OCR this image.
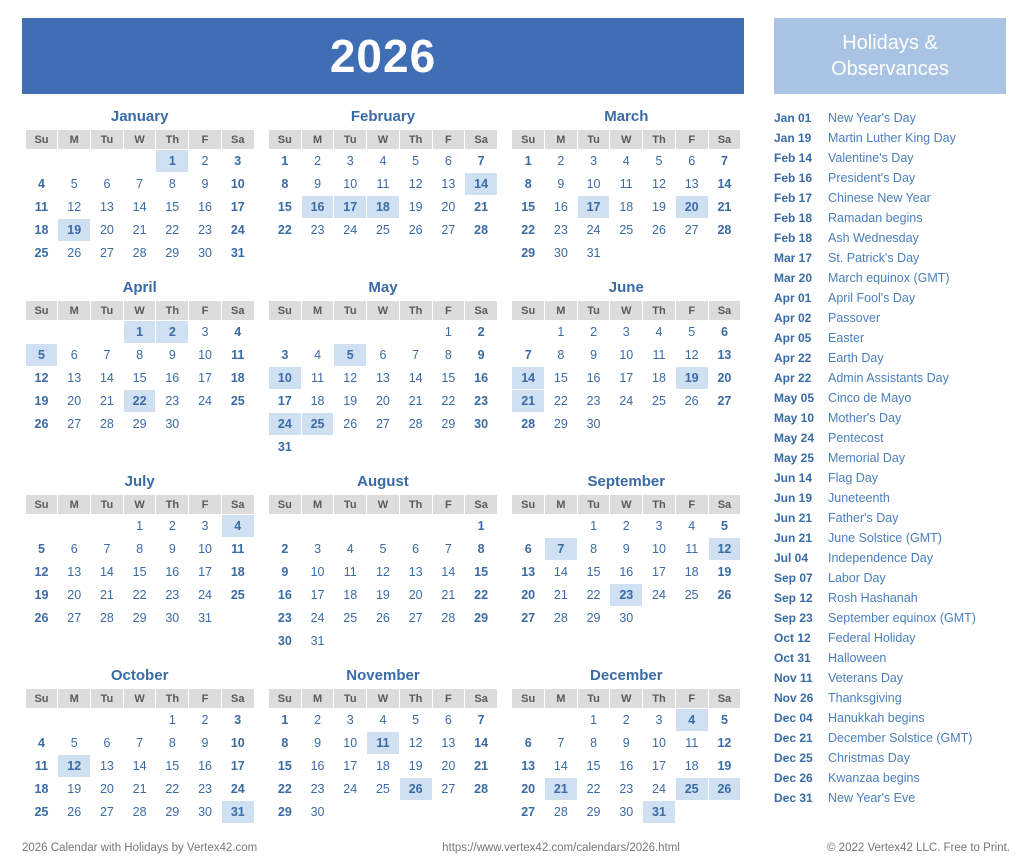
2026	Holidays &
Observances
January
Su	M	Tu	W	Th	F	Sa
				1	2	3
4	5	6	7	8	9	10
11	12	13	14	15	16	17
18	19	20	21	22	23	24
25	26	27	28	29	30	31
February
Su	M	Tu	W	Th	F	Sa
1	2	3	4	5	6	7
8	9	10	11	12	13	14
15	16	17	18	19	20	21
22	23	24	25	26	27	28
March
Su	M	Tu	W	Th	F	Sa
1	2	3	4	5	6	7
8	9	10	11	12	13	14
15	16	17	18	19	20	21
22	23	24	25	26	27	28
29	30	31				
April
Su	M	Tu	W	Th	F	Sa
			1	2	3	4
5	6	7	8	9	10	11
12	13	14	15	16	17	18
19	20	21	22	23	24	25
26	27	28	29	30		
May
Su	M	Tu	W	Th	F	Sa
					1	2
3	4	5	6	7	8	9
10	11	12	13	14	15	16
17	18	19	20	21	22	23
24	25	26	27	28	29	30
31						
June
Su	M	Tu	W	Th	F	Sa
	1	2	3	4	5	6
7	8	9	10	11	12	13
14	15	16	17	18	19	20
21	22	23	24	25	26	27
28	29	30				
July
Su	M	Tu	W	Th	F	Sa
			1	2	3	4
5	6	7	8	9	10	11
12	13	14	15	16	17	18
19	20	21	22	23	24	25
26	27	28	29	30	31	
August
Su	M	Tu	W	Th	F	Sa
						1
2	3	4	5	6	7	8
9	10	11	12	13	14	15
16	17	18	19	20	21	22
23	24	25	26	27	28	29
30	31					
September
Su	M	Tu	W	Th	F	Sa
		1	2	3	4	5
6	7	8	9	10	11	12
13	14	15	16	17	18	19
20	21	22	23	24	25	26
27	28	29	30			
October
Su	M	Tu	W	Th	F	Sa
				1	2	3
4	5	6	7	8	9	10
11	12	13	14	15	16	17
18	19	20	21	22	23	24
25	26	27	28	29	30	31
November
Su	M	Tu	W	Th	F	Sa
1	2	3	4	5	6	7
8	9	10	11	12	13	14
15	16	17	18	19	20	21
22	23	24	25	26	27	28
29	30					
December
Su	M	Tu	W	Th	F	Sa
		1	2	3	4	5
6	7	8	9	10	11	12
13	14	15	16	17	18	19
20	21	22	23	24	25	26
27	28	29	30	31		
Jan 01	New Year's Day
Jan 19	Martin Luther King Day
Feb 14	Valentine's Day
Feb 16	President's Day
Feb 17	Chinese New Year
Feb 18	Ramadan begins
Feb 18	Ash Wednesday
Mar 17	St. Patrick's Day
Mar 20	March equinox (GMT)
Apr 01	April Fool's Day
Apr 02	Passover
Apr 05	Easter
Apr 22	Earth Day
Apr 22	Admin Assistants Day
May 05	Cinco de Mayo
May 10	Mother's Day
May 24	Pentecost
May 25	Memorial Day
Jun 14	Flag Day
Jun 19	Juneteenth
Jun 21	Father's Day
Jun 21	June Solstice (GMT)
Jul 04	Independence Day
Sep 07	Labor Day
Sep 12	Rosh Hashanah
Sep 23	September equinox (GMT)
Oct 12	Federal Holiday
Oct 31	Halloween
Nov 11	Veterans Day
Nov 26	Thanksgiving
Dec 04	Hanukkah begins
Dec 21	December Solstice (GMT)
Dec 25	Christmas Day
Dec 26	Kwanzaa begins
Dec 31	New Year's Eve
2026 Calendar with Holidays by Vertex42.com	https://www.vertex42.com/calendars/2026.html	© 2022 Vertex42 LLC. Free to Print.
